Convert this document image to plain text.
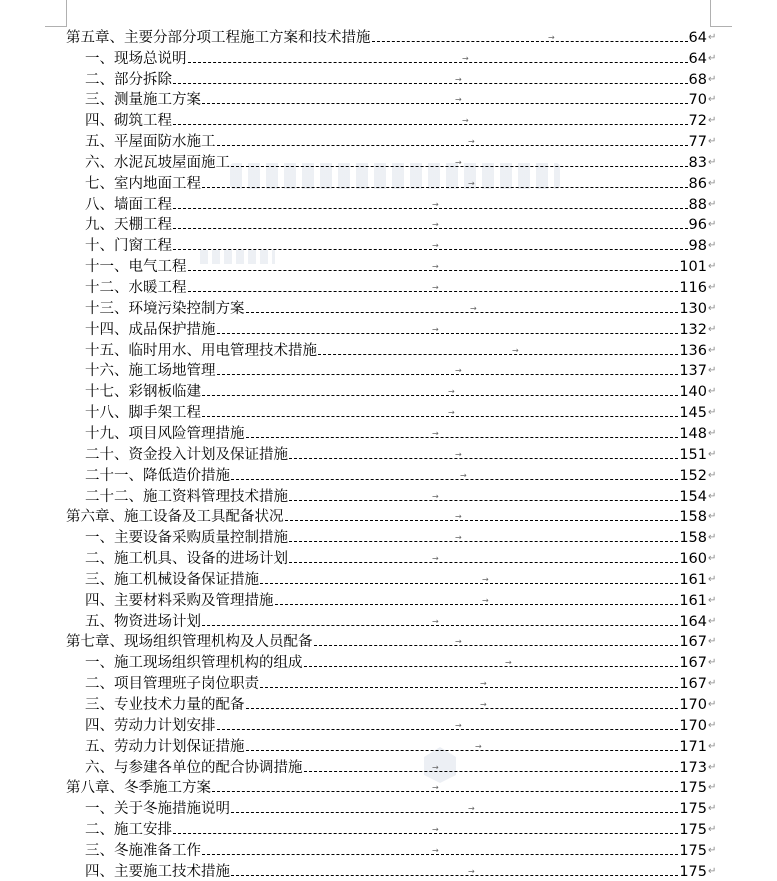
第五章、主要分部分项工程施工方案和技术措施	→	64 ↵
一、现场总说明	→	64 ↵
二、部分拆除	→	68 ↵
三、测量施工方案	→	70 ↵
四、砌筑工程	→	72 ↵
五、平屋面防水施工	→	77 ↵
六、水泥瓦坡屋面施工	→	83 ↵
七、室内地面工程	→	86 ↵
八、墙面工程	→	88 ↵
九、天棚工程	→	96 ↵
十、门窗工程	→	98 ↵
十一、电气工程	→	101 ↵
十二、水暖工程	→	116 ↵
十三、环境污染控制方案	→	130 ↵
十四、成品保护措施	→	132 ↵
十五、临时用水、用电管理技术措施	→	136 ↵
十六、施工场地管理	→	137 ↵
十七、彩钢板临建	→	140 ↵
十八、脚手架工程	→	145 ↵
十九、项目风险管理措施	→	148 ↵
二十、资金投入计划及保证措施	→	151 ↵
二十一、降低造价措施	→	152 ↵
二十二、施工资料管理技术措施	→	154 ↵
第六章、施工设备及工具配备状况	→	158 ↵
一、主要设备采购质量控制措施	→	158 ↵
二、施工机具、设备的进场计划	→	160 ↵
三、施工机械设备保证措施	→	161 ↵
四、主要材料采购及管理措施	→	161 ↵
五、物资进场计划	→	164 ↵
第七章、现场组织管理机构及人员配备	→	167 ↵
一、施工现场组织管理机构的组成	→	167 ↵
二、项目管理班子岗位职责	→	167 ↵
三、专业技术力量的配备	→	170 ↵
四、劳动力计划安排	→	170 ↵
五、劳动力计划保证措施	→	171 ↵
六、与参建各单位的配合协调措施	→	173 ↵
第八章、冬季施工方案	→	175 ↵
一、关于冬施措施说明	→	175 ↵
二、施工安排	→	175 ↵
三、冬施准备工作	→	175 ↵
四、主要施工技术措施	→	175 ↵
